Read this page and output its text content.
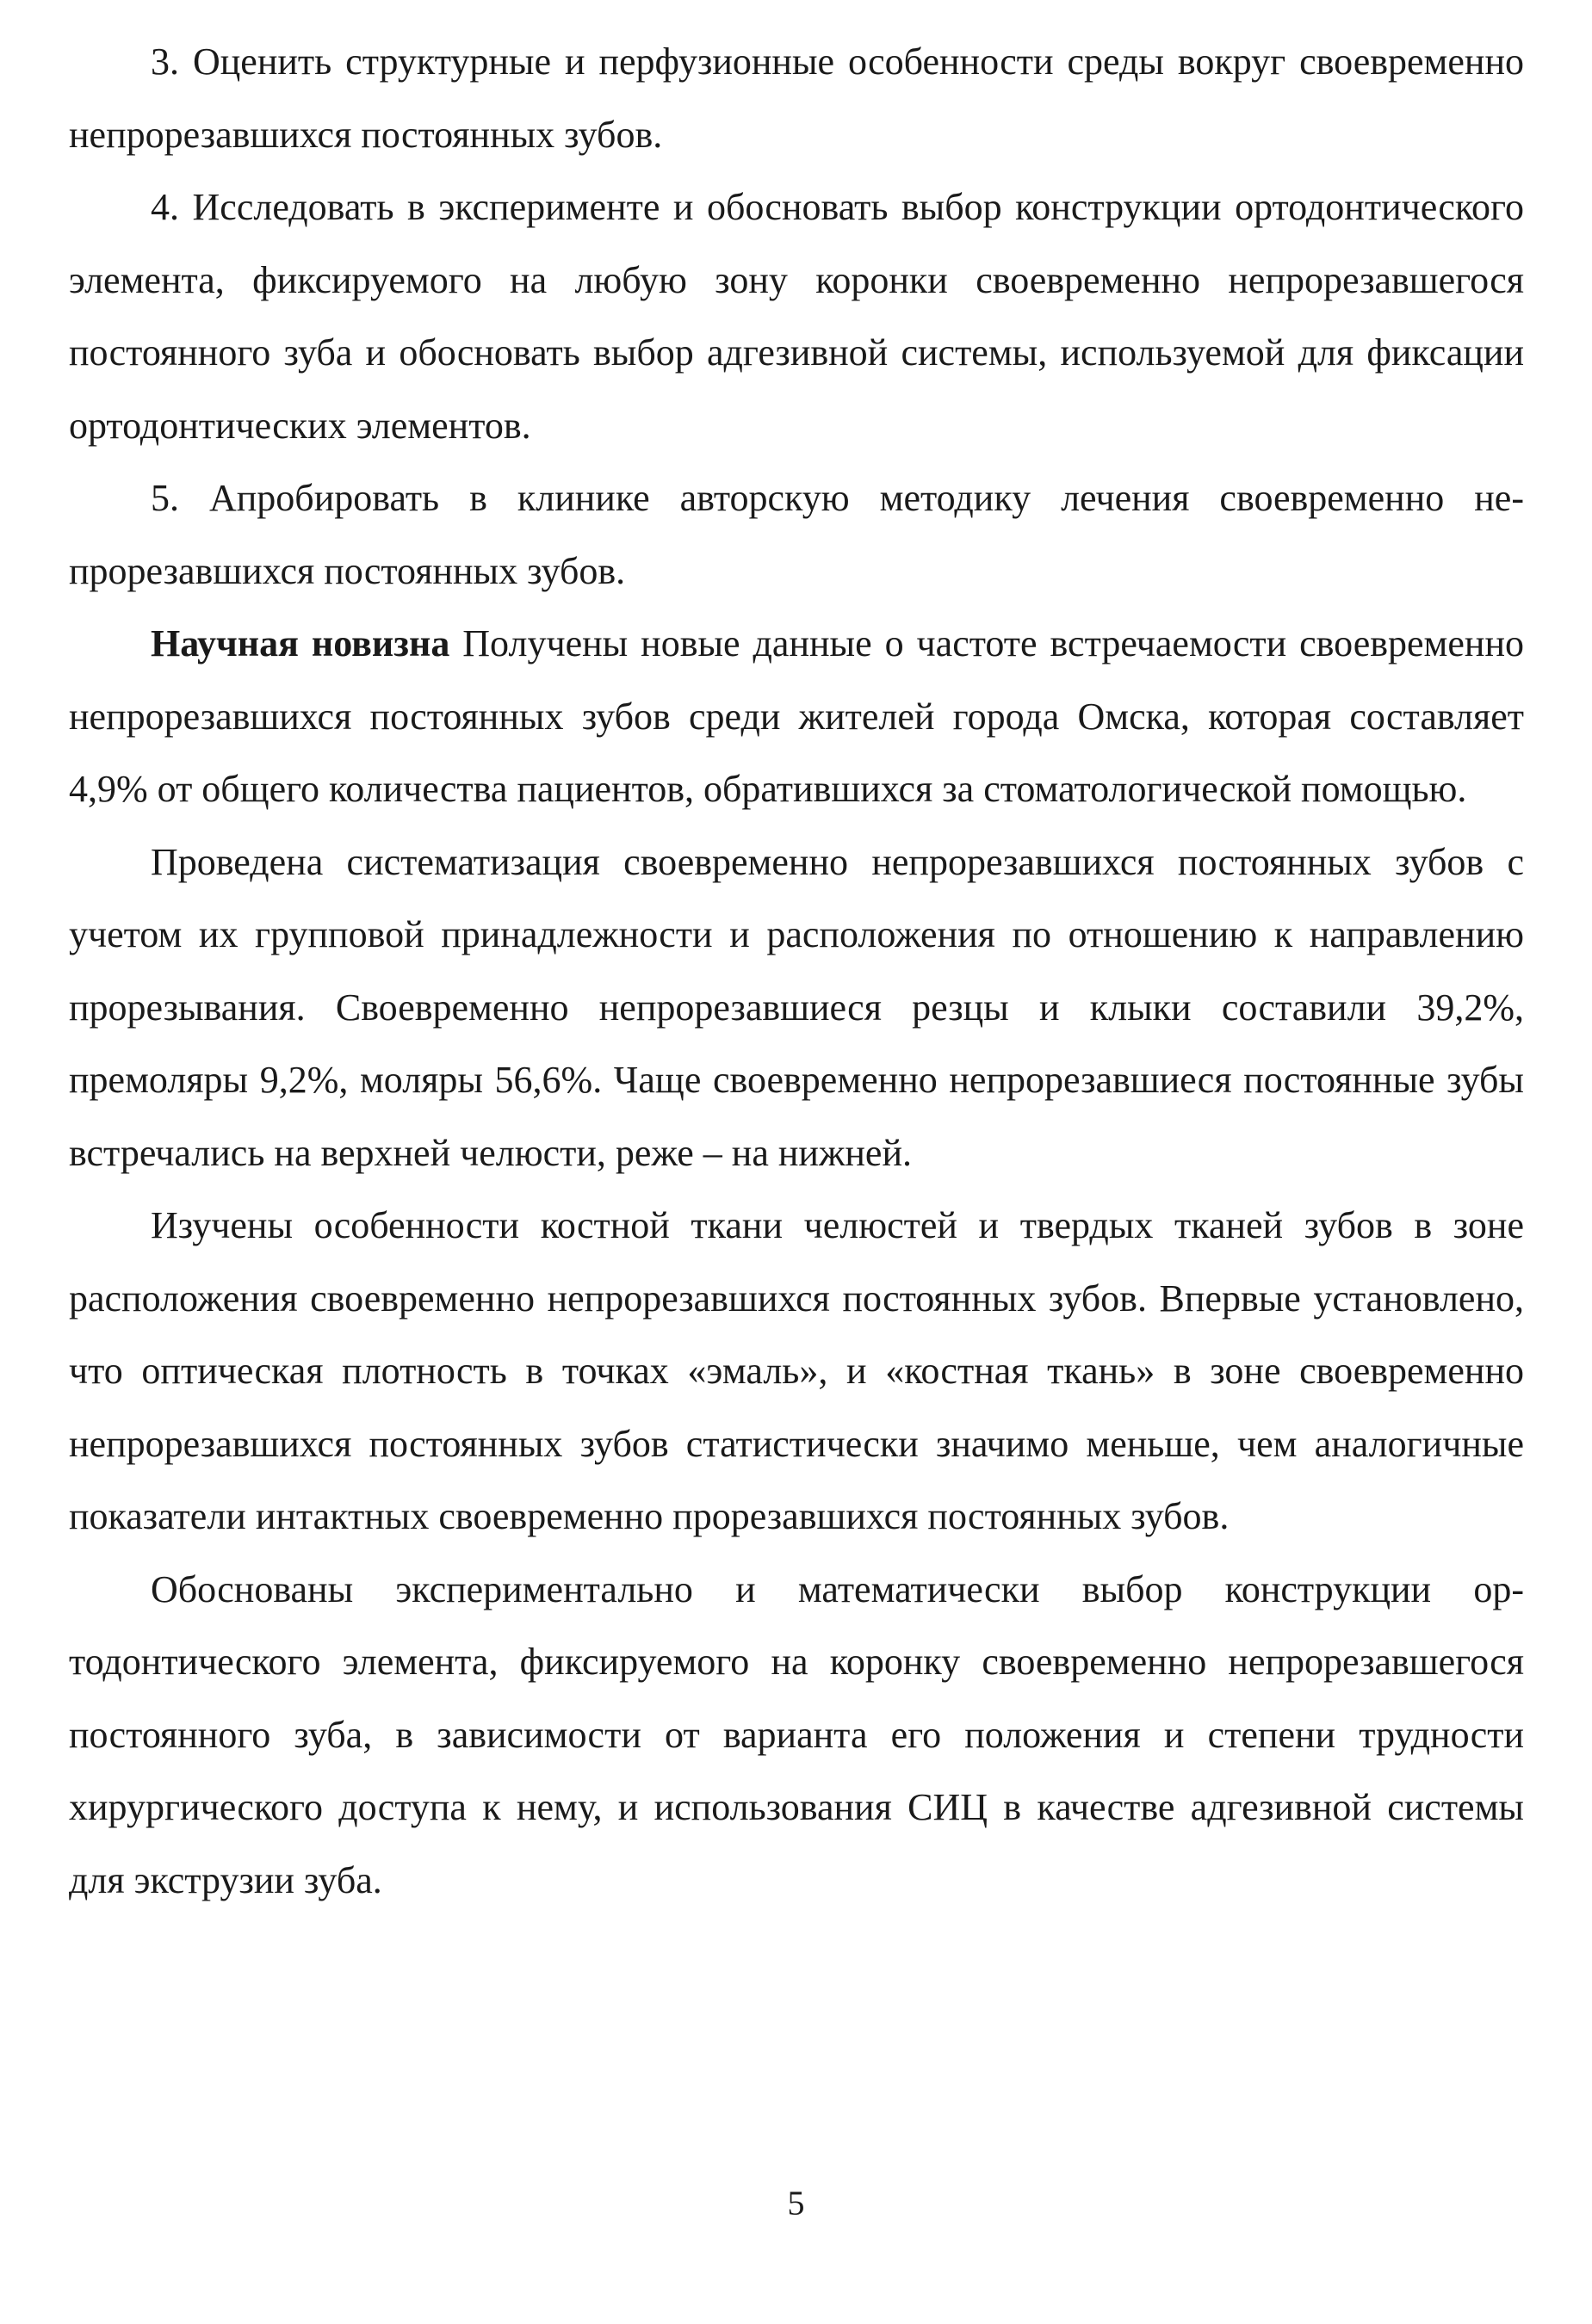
3. Оценить структурные и перфузионные особенности среды вокруг своевременно непрорезавшихся постоянных зубов.

4. Исследовать в эксперименте и обосновать выбор конструкции ортодонтического элемента, фиксируемого на любую зону коронки своевременно непрорезавшегося постоянного зуба и обосновать выбор адгезивной системы, используемой для фиксации ортодонтических элементов.

5. Апробировать в клинике авторскую методику лечения своевременно непрорезавшихся постоянных зубов.

Научная новизна Получены новые данные о частоте встречаемости своевременно непрорезавшихся постоянных зубов среди жителей города Омска, которая составляет 4,9% от общего количества пациентов, обратившихся за стоматологической помощью.

Проведена систематизация своевременно непрорезавшихся постоянных зубов с учетом их групповой принадлежности и расположения по отношению к направлению прорезывания. Своевременно непрорезавшиеся резцы и клыки составили 39,2%, премоляры 9,2%, моляры 56,6%. Чаще своевременно непрорезавшиеся постоянные зубы встречались на верхней челюсти, реже – на нижней.

Изучены особенности костной ткани челюстей и твердых тканей зубов в зоне расположения своевременно непрорезавшихся постоянных зубов. Впервые установлено, что оптическая плотность в точках «эмаль», и «костная ткань» в зоне своевременно непрорезавшихся постоянных зубов статистически значимо меньше, чем аналогичные показатели интактных своевременно прорезавшихся постоянных зубов.

Обоснованы экспериментально и математически выбор конструкции ортодонтического элемента, фиксируемого на коронку своевременно непрорезавшегося постоянного зуба, в зависимости от варианта его положения и степени трудности хирургического доступа к нему, и использования СИЦ в качестве адгезивной системы для экструзии зуба.

5
